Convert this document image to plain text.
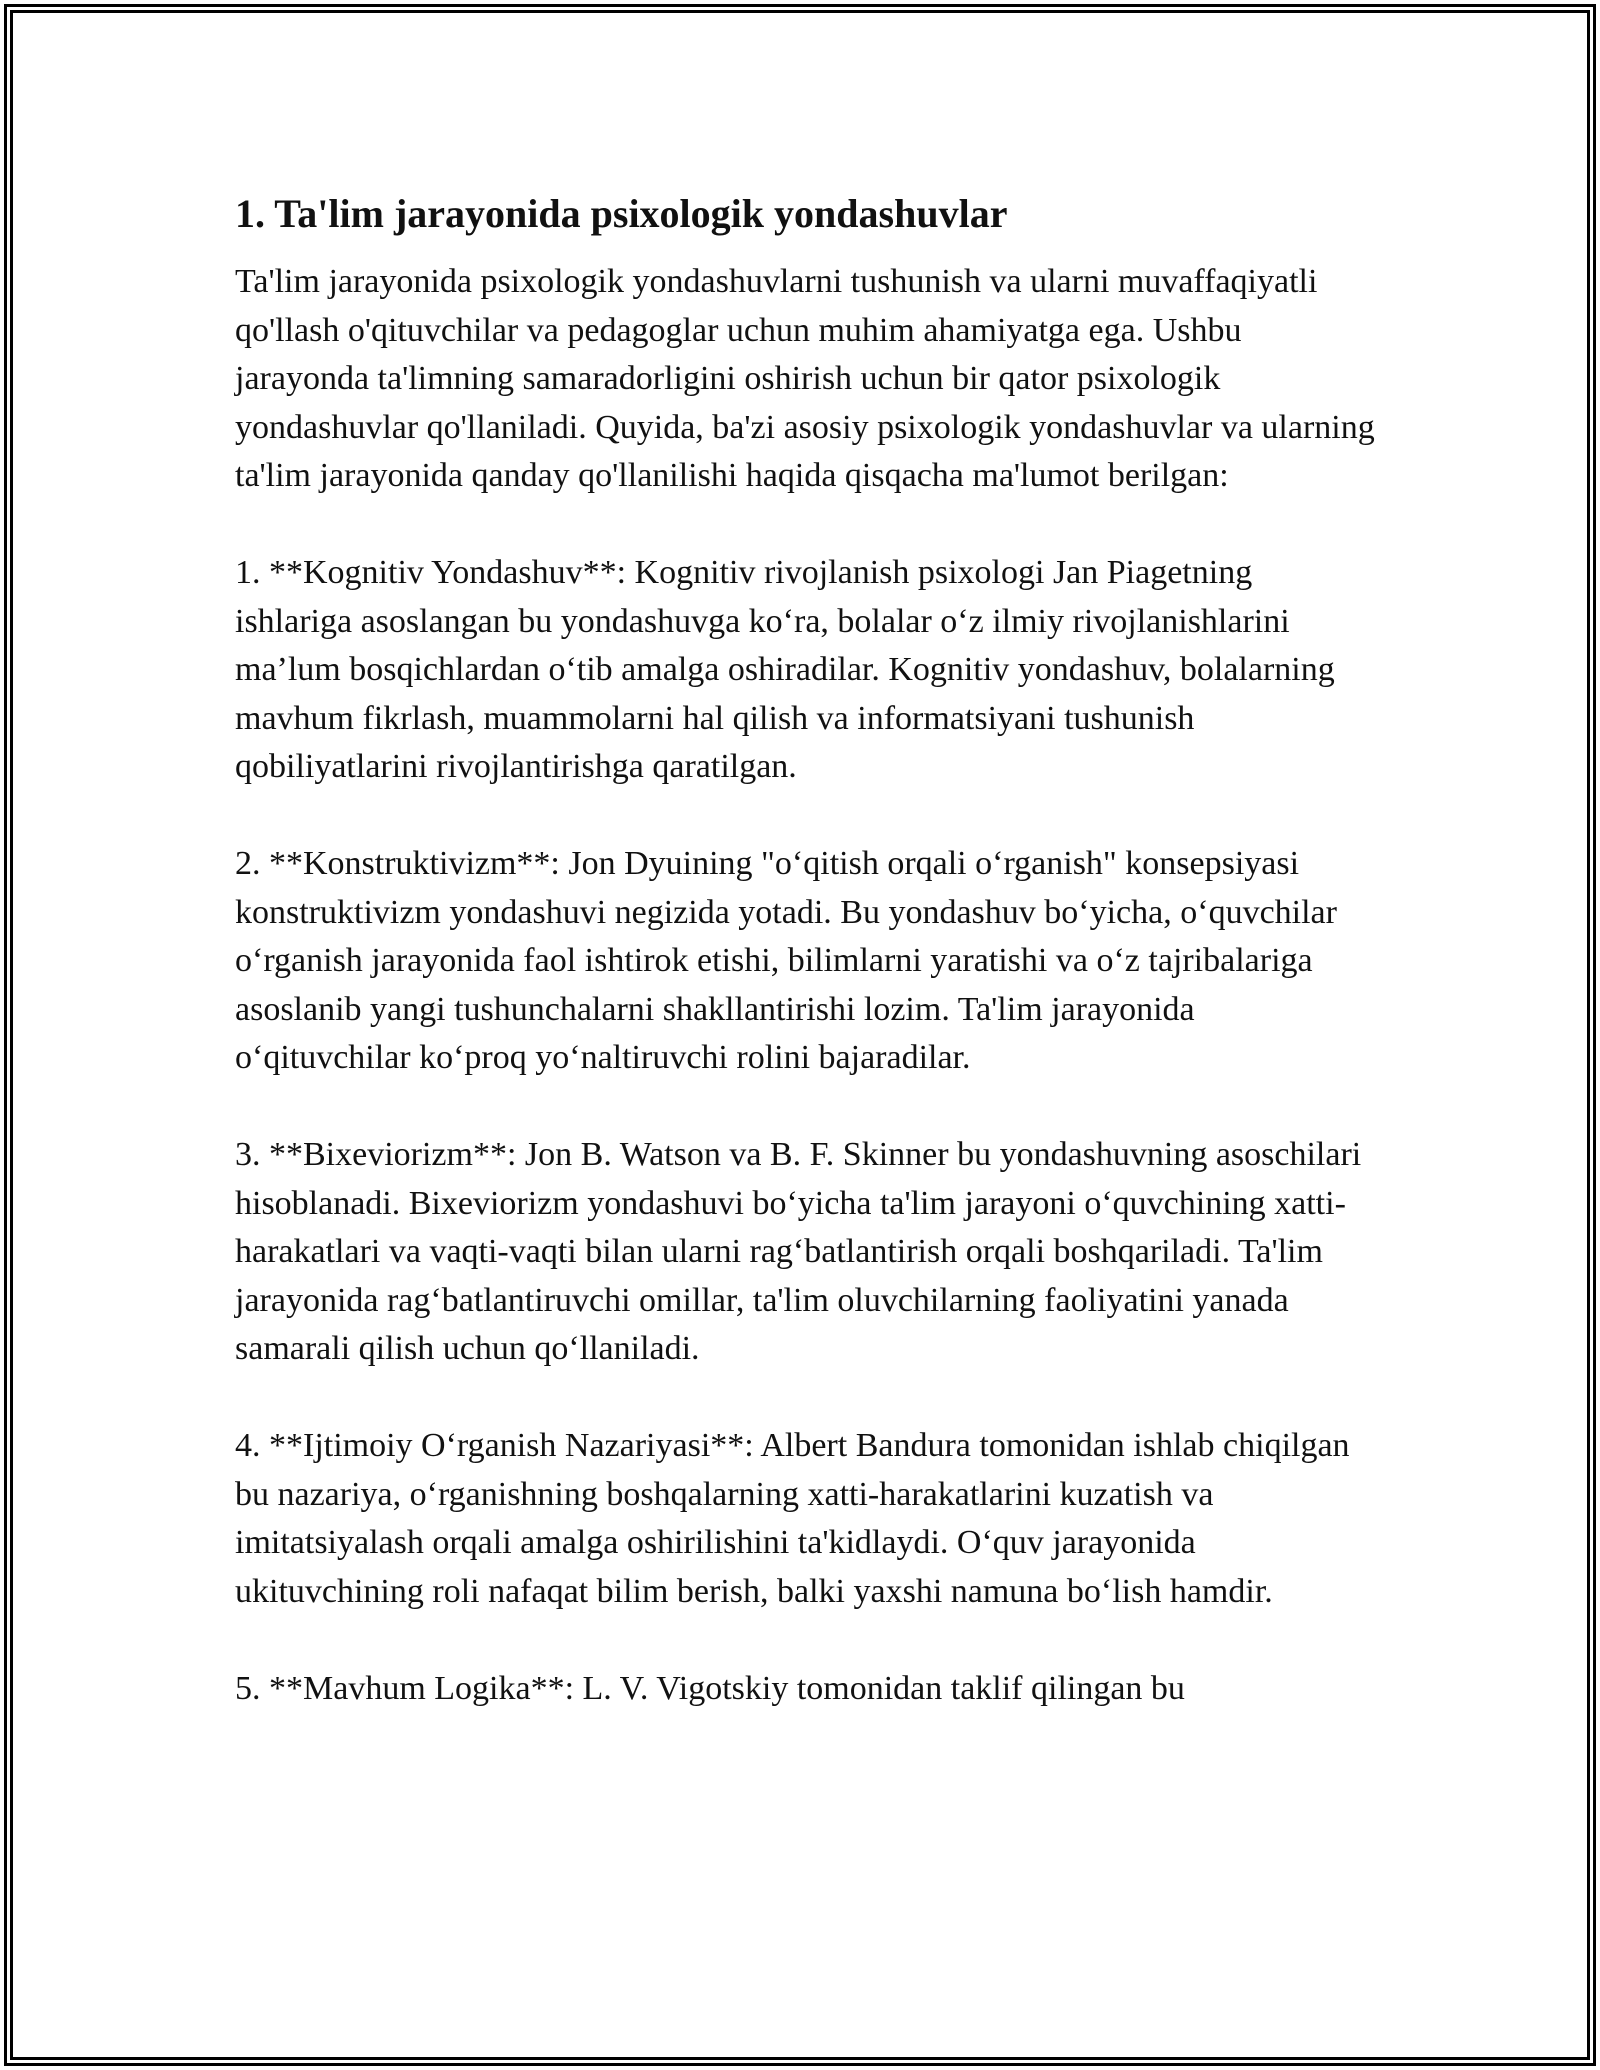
1. Ta'lim jarayonida psixologik yondashuvlar

Ta'lim jarayonida psixologik yondashuvlarni tushunish va ularni muvaffaqiyatli qo'llash o'qituvchilar va pedagoglar uchun muhim ahamiyatga ega. Ushbu jarayonda ta'limning samaradorligini oshirish uchun bir qator psixologik yondashuvlar qo'llaniladi. Quyida, ba'zi asosiy psixologik yondashuvlar va ularning ta'lim jarayonida qanday qo'llanilishi haqida qisqacha ma'lumot berilgan:

1. **Kognitiv Yondashuv**: Kognitiv rivojlanish psixologi Jan Piagetning ishlariga asoslangan bu yondashuvga ko‘ra, bolalar o‘z ilmiy rivojlanishlarini ma’lum bosqichlardan o‘tib amalga oshiradilar. Kognitiv yondashuv, bolalarning mavhum fikrlash, muammolarni hal qilish va informatsiyani tushunish qobiliyatlarini rivojlantirishga qaratilgan.

2. **Konstruktivizm**: Jon Dyuining "o‘qitish orqali o‘rganish" konsepsiyasi konstruktivizm yondashuvi negizida yotadi. Bu yondashuv bo‘yicha, o‘quvchilar o‘rganish jarayonida faol ishtirok etishi, bilimlarni yaratishi va o‘z tajribalariga asoslanib yangi tushunchalarni shakllantirishi lozim. Ta'lim jarayonida o‘qituvchilar ko‘proq yo‘naltiruvchi rolini bajaradilar.

3. **Bixeviorizm**: Jon B. Watson va B. F. Skinner bu yondashuvning asoschilari hisoblanadi. Bixeviorizm yondashuvi bo‘yicha ta'lim jarayoni o‘quvchining xatti-harakatlari va vaqti-vaqti bilan ularni rag‘batlantirish orqali boshqariladi. Ta'lim jarayonida rag‘batlantiruvchi omillar, ta'lim oluvchilarning faoliyatini yanada samarali qilish uchun qo‘llaniladi.

4. **Ijtimoiy O‘rganish Nazariyasi**: Albert Bandura tomonidan ishlab chiqilgan bu nazariya, o‘rganishning boshqalarning xatti-harakatlarini kuzatish va imitatsiyalash orqali amalga oshirilishini ta'kidlaydi. O‘quv jarayonida ukituvchining roli nafaqat bilim berish, balki yaxshi namuna bo‘lish hamdir.

5. **Mavhum Logika**: L. V. Vigotskiy tomonidan taklif qilingan bu
